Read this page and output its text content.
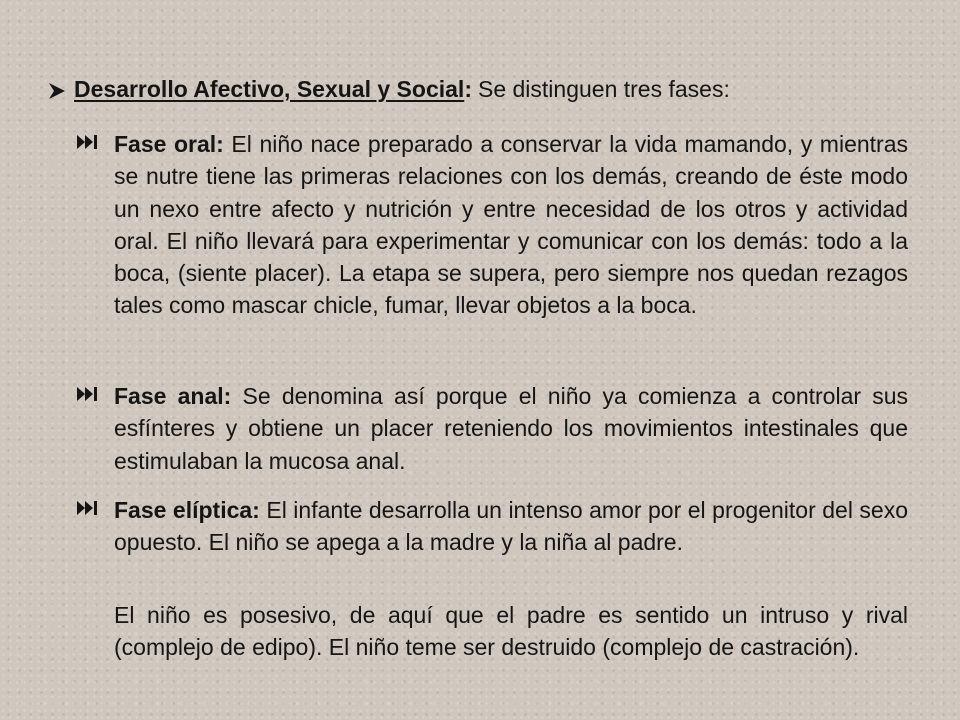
Desarrollo Afectivo, Sexual y Social: Se distinguen tres fases:
Fase oral: El niño nace preparado a conservar la vida mamando, y mientras se nutre tiene las primeras relaciones con los demás, creando de éste modo un nexo entre afecto y nutrición y entre necesidad de los otros y actividad oral. El niño llevará para experimentar y comunicar con los demás: todo a la boca, (siente placer). La etapa se supera, pero siempre nos quedan rezagos tales como mascar chicle, fumar, llevar objetos a la boca.
Fase anal: Se denomina así porque el niño ya comienza a controlar sus esfínteres y obtiene un placer reteniendo los movimientos intestinales que estimulaban la mucosa anal.
Fase elíptica: El infante desarrolla un intenso amor por el progenitor del sexo opuesto. El niño se apega a la madre y la niña al padre.
El niño es posesivo, de aquí que el padre es sentido un intruso y rival (complejo de edipo). El niño teme ser destruido (complejo de castración).
